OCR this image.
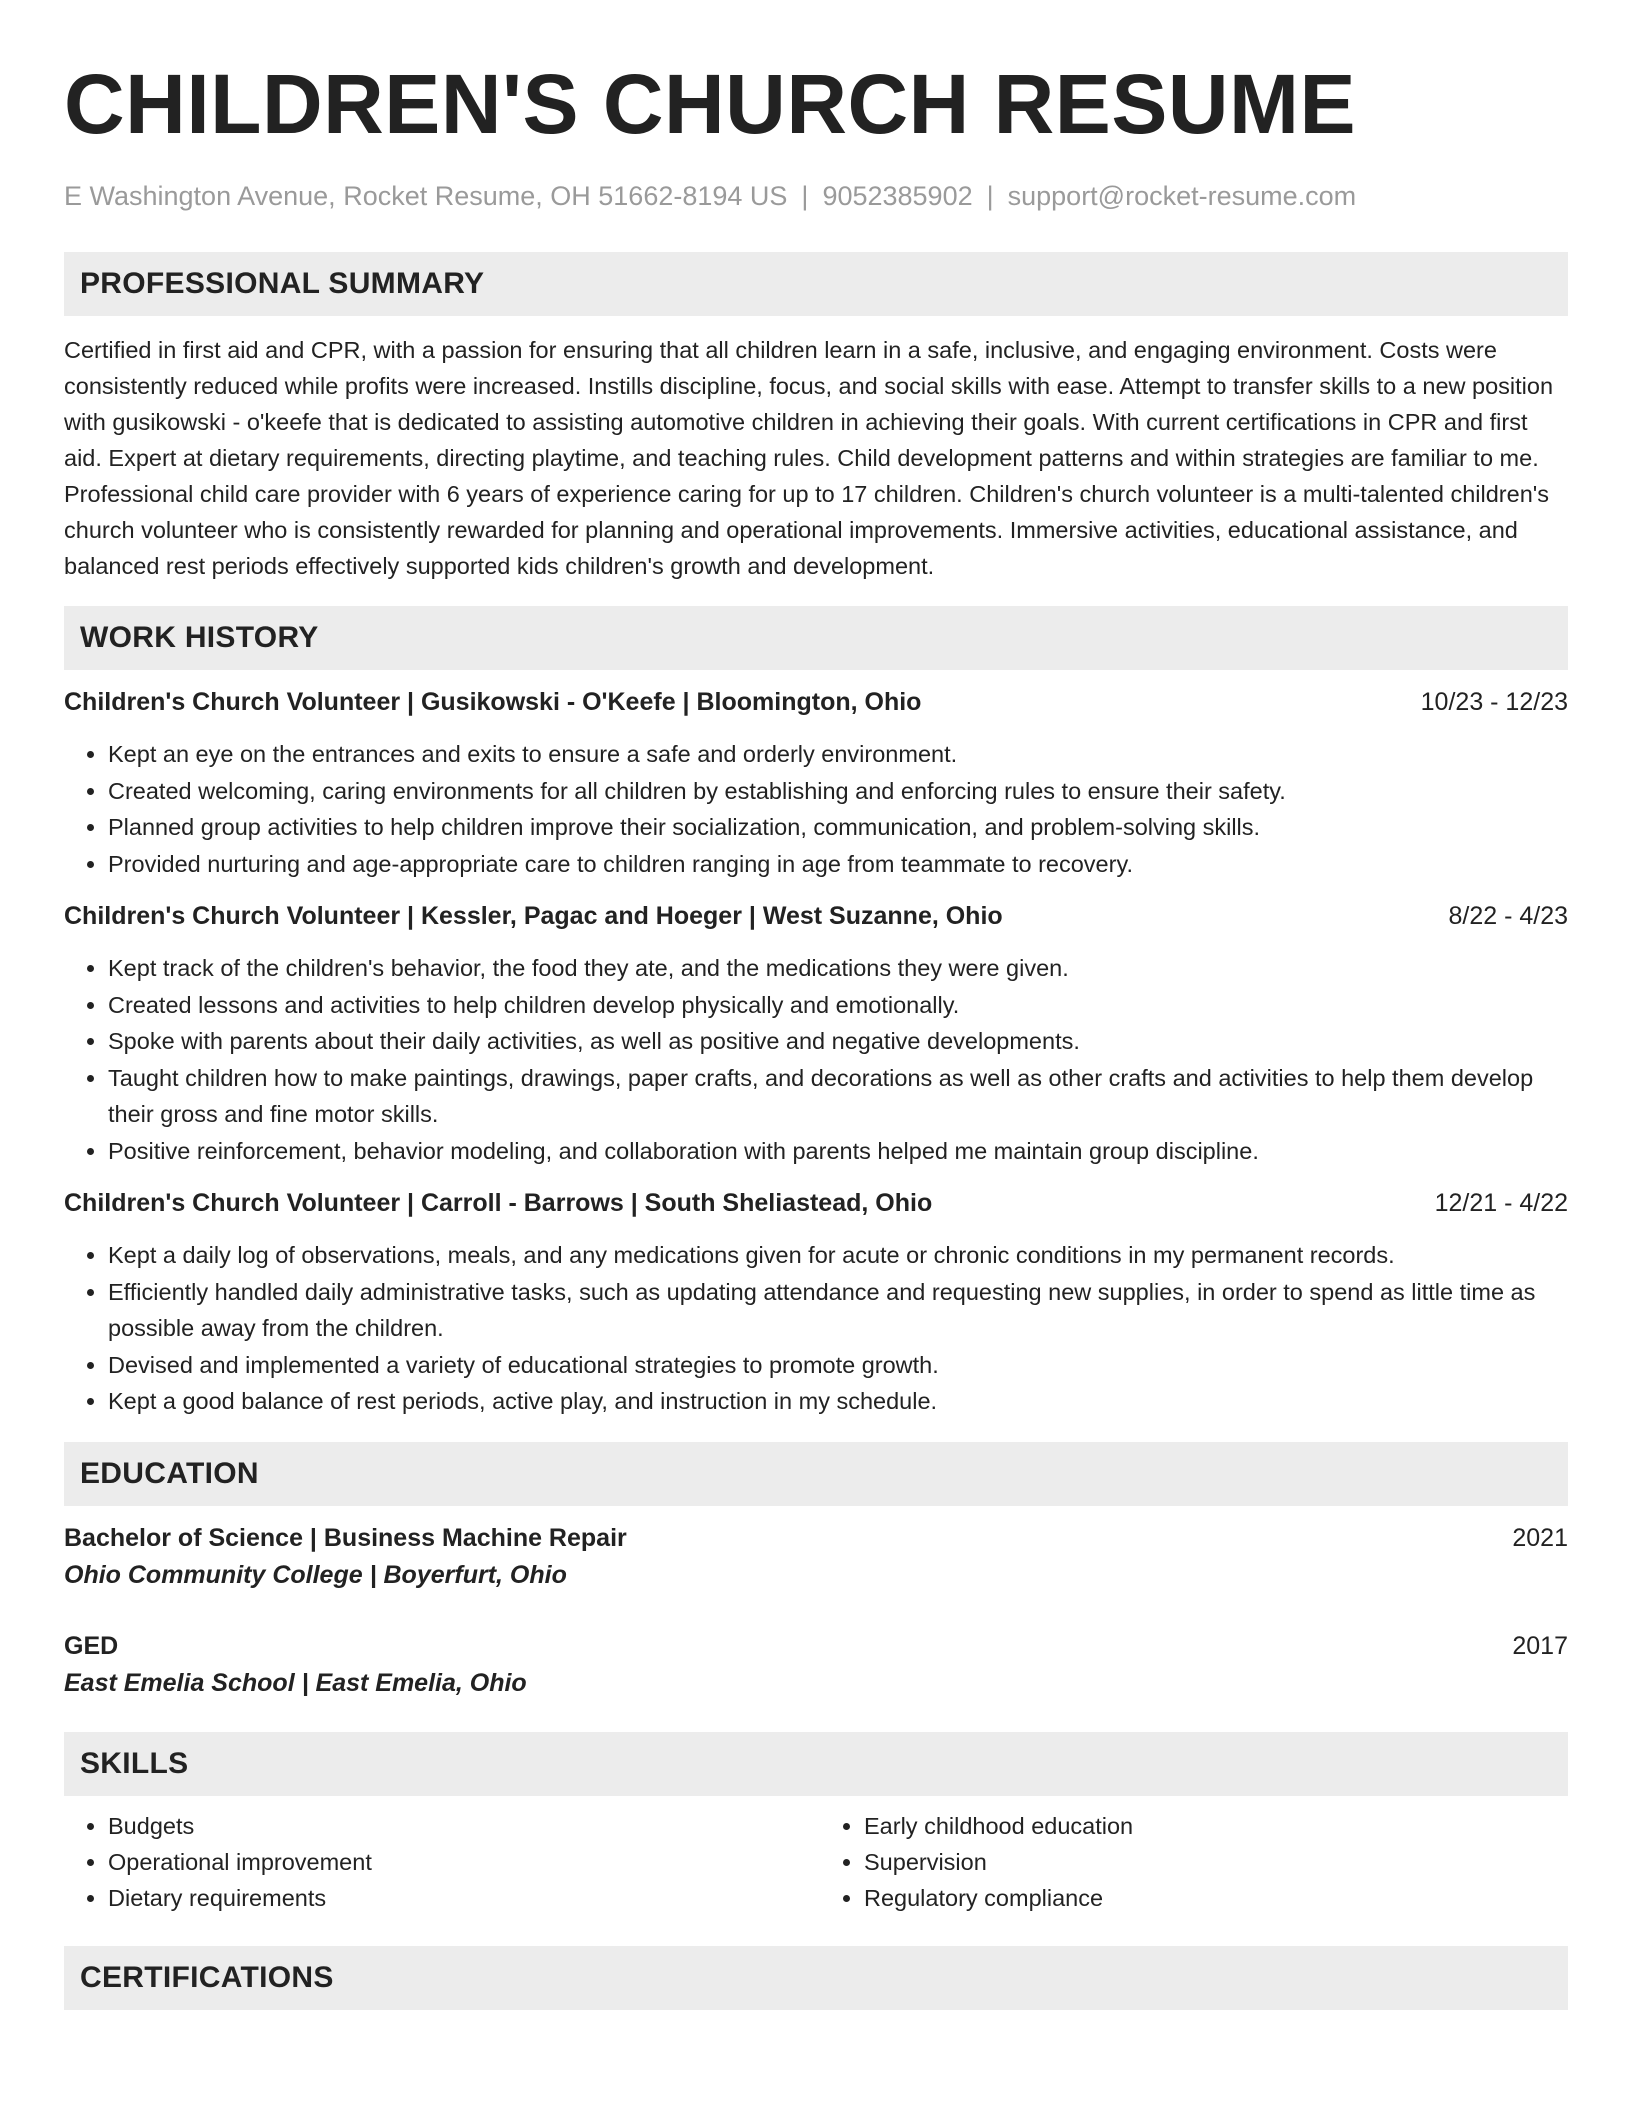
CHILDREN'S CHURCH RESUME
E Washington Avenue, Rocket Resume, OH 51662-8194 US | 9052385902 | support@rocket-resume.com
PROFESSIONAL SUMMARY

Certified in first aid and CPR, with a passion for ensuring that all children learn in a safe, inclusive, and engaging environment. Costs were consistently reduced while profits were increased. Instills discipline, focus, and social skills with ease. Attempt to transfer skills to a new position with gusikowski - o'keefe that is dedicated to assisting automotive children in achieving their goals. With current certifications in CPR and first aid. Expert at dietary requirements, directing playtime, and teaching rules. Child development patterns and within strategies are familiar to me. Professional child care provider with 6 years of experience caring for up to 17 children. Children's church volunteer is a multi-talented children's church volunteer who is consistently rewarded for planning and operational improvements. Immersive activities, educational assistance, and balanced rest periods effectively supported kids children's growth and development.

WORK HISTORY
Children's Church Volunteer | Gusikowski - O'Keefe | Bloomington, Ohio	10/23 - 12/23
• Kept an eye on the entrances and exits to ensure a safe and orderly environment.
• Created welcoming, caring environments for all children by establishing and enforcing rules to ensure their safety.
• Planned group activities to help children improve their socialization, communication, and problem-solving skills.
• Provided nurturing and age-appropriate care to children ranging in age from teammate to recovery.
Children's Church Volunteer | Kessler, Pagac and Hoeger | West Suzanne, Ohio	8/22 - 4/23
• Kept track of the children's behavior, the food they ate, and the medications they were given.
• Created lessons and activities to help children develop physically and emotionally.
• Spoke with parents about their daily activities, as well as positive and negative developments.
• Taught children how to make paintings, drawings, paper crafts, and decorations as well as other crafts and activities to help them develop their gross and fine motor skills.
• Positive reinforcement, behavior modeling, and collaboration with parents helped me maintain group discipline.
Children's Church Volunteer | Carroll - Barrows | South Sheliastead, Ohio	12/21 - 4/22
• Kept a daily log of observations, meals, and any medications given for acute or chronic conditions in my permanent records.
• Efficiently handled daily administrative tasks, such as updating attendance and requesting new supplies, in order to spend as little time as possible away from the children.
• Devised and implemented a variety of educational strategies to promote growth.
• Kept a good balance of rest periods, active play, and instruction in my schedule.
EDUCATION
Bachelor of Science | Business Machine Repair	2021
Ohio Community College | Boyerfurt, Ohio
GED	2017
East Emelia School | East Emelia, Ohio
SKILLS
• Budgets
• Operational improvement
• Dietary requirements
• Early childhood education
• Supervision
• Regulatory compliance
CERTIFICATIONS
